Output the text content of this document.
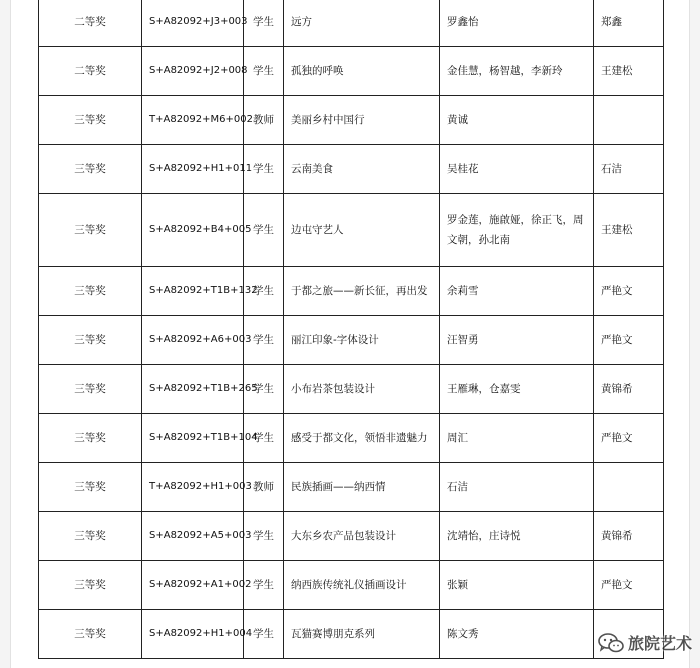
二等奖	S+A82092+J3+003	学生	远方	罗鑫怡	郑鑫
二等奖	S+A82092+J2+008	学生	孤独的呼唤	金佳慧，杨智越，李新玲	王建松
三等奖	T+A82092+M6+002	教师	美丽乡村中国行	黄诚	
三等奖	S+A82092+H1+011	学生	云南美食	吴桂花	石洁
三等奖	S+A82092+B4+005	学生	边屯守艺人	罗金莲，施啟娅，徐正飞，周文朝，孙北南	王建松
三等奖	S+A82092+T1B+132	学生	于都之旅——新长征，再出发	余莉雪	严艳文
三等奖	S+A82092+A6+003	学生	丽江印象-字体设计	汪智勇	严艳文
三等奖	S+A82092+T1B+265	学生	小布岩茶包装设计	王雁琳，仓嘉雯	黄锦希
三等奖	S+A82092+T1B+104	学生	感受于都文化，领悟非遗魅力	周汇	严艳文
三等奖	T+A82092+H1+003	教师	民族插画——纳西情	石洁	
三等奖	S+A82092+A5+003	学生	大东乡农产品包装设计	沈靖怡，庄诗悦	黄锦希
三等奖	S+A82092+A1+002	学生	纳西族传统礼仪插画设计	张颖	严艳文
三等奖	S+A82092+H1+004	学生	瓦猫赛博朋克系列	陈文秀		旅院艺术
